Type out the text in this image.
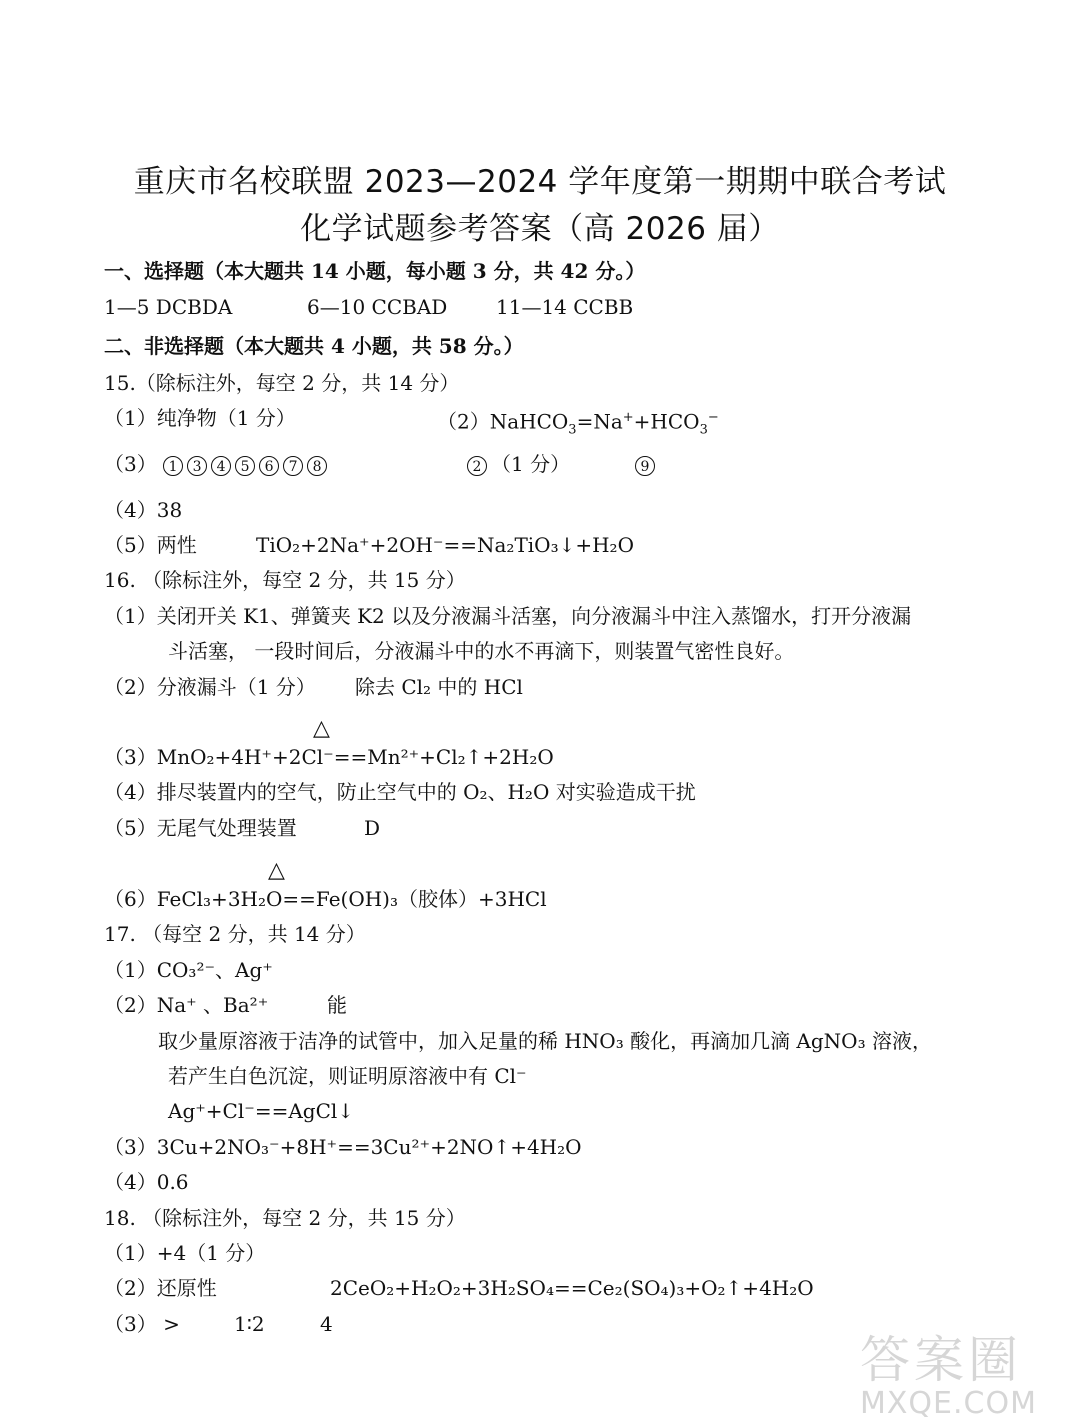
重庆市名校联盟 2023—2024 学年度第一期期中联合考试
化学试题参考答案（高 2026 届）
一、选择题（本大题共 14 小题，每小题 3 分，共 42 分。）
1—5 DCBDA	6—10 CCBAD 11—14 CCBB
二、非选择题（本大题共 4 小题，共 58 分。）
15.（除标注外，每空 2 分，共 14 分）
（1）纯净物（1 分）	$(2)NaHCO_3=Na^++HCO_3^-$
（3） 1 3 4 5 6 7 8	2 （1 分）	9
（4）38
（5）两性	TiO₂+2Na⁺+2OH⁻==Na₂TiO₃↓+H₂O
16. （除标注外，每空 2 分，共 15 分）
（1）关闭开关 K1、弹簧夹 K2 以及分液漏斗活塞，向分液漏斗中注入蒸馏水，打开分液漏
斗活塞， 一段时间后，分液漏斗中的水不再滴下，则装置气密性良好。
（2）分液漏斗（1 分） 除去 Cl₂ 中的 HCl
△
（3）MnO₂+4H⁺+2Cl⁻==Mn²⁺+Cl₂↑+2H₂O
（4）排尽装置内的空气，防止空气中的 O₂、H₂O 对实验造成干扰
（5）无尾气处理装置	D
△
（6）FeCl₃+3H₂O==Fe(OH)₃（胶体）+3HCl
17. （每空 2 分，共 14 分）
（1）CO₃²⁻、Ag⁺
（2）Na⁺ 、Ba²⁺	能
取少量原溶液于洁净的试管中，加入足量的稀 HNO₃ 酸化，再滴加几滴 AgNO₃ 溶液，
若产生白色沉淀，则证明原溶液中有 Cl⁻
Ag⁺+Cl⁻==AgCl↓
（3）3Cu+2NO₃⁻+8H⁺==3Cu²⁺+2NO↑+4H₂O
（4）0.6
18. （除标注外，每空 2 分，共 15 分）
（1）+4（1 分）
（2）还原性	2CeO₂+H₂O₂+3H₂SO₄==Ce₂(SO₄)₃+O₂↑+4H₂O
（3） >	1∶2	4
答案圈
MXQE.COM
